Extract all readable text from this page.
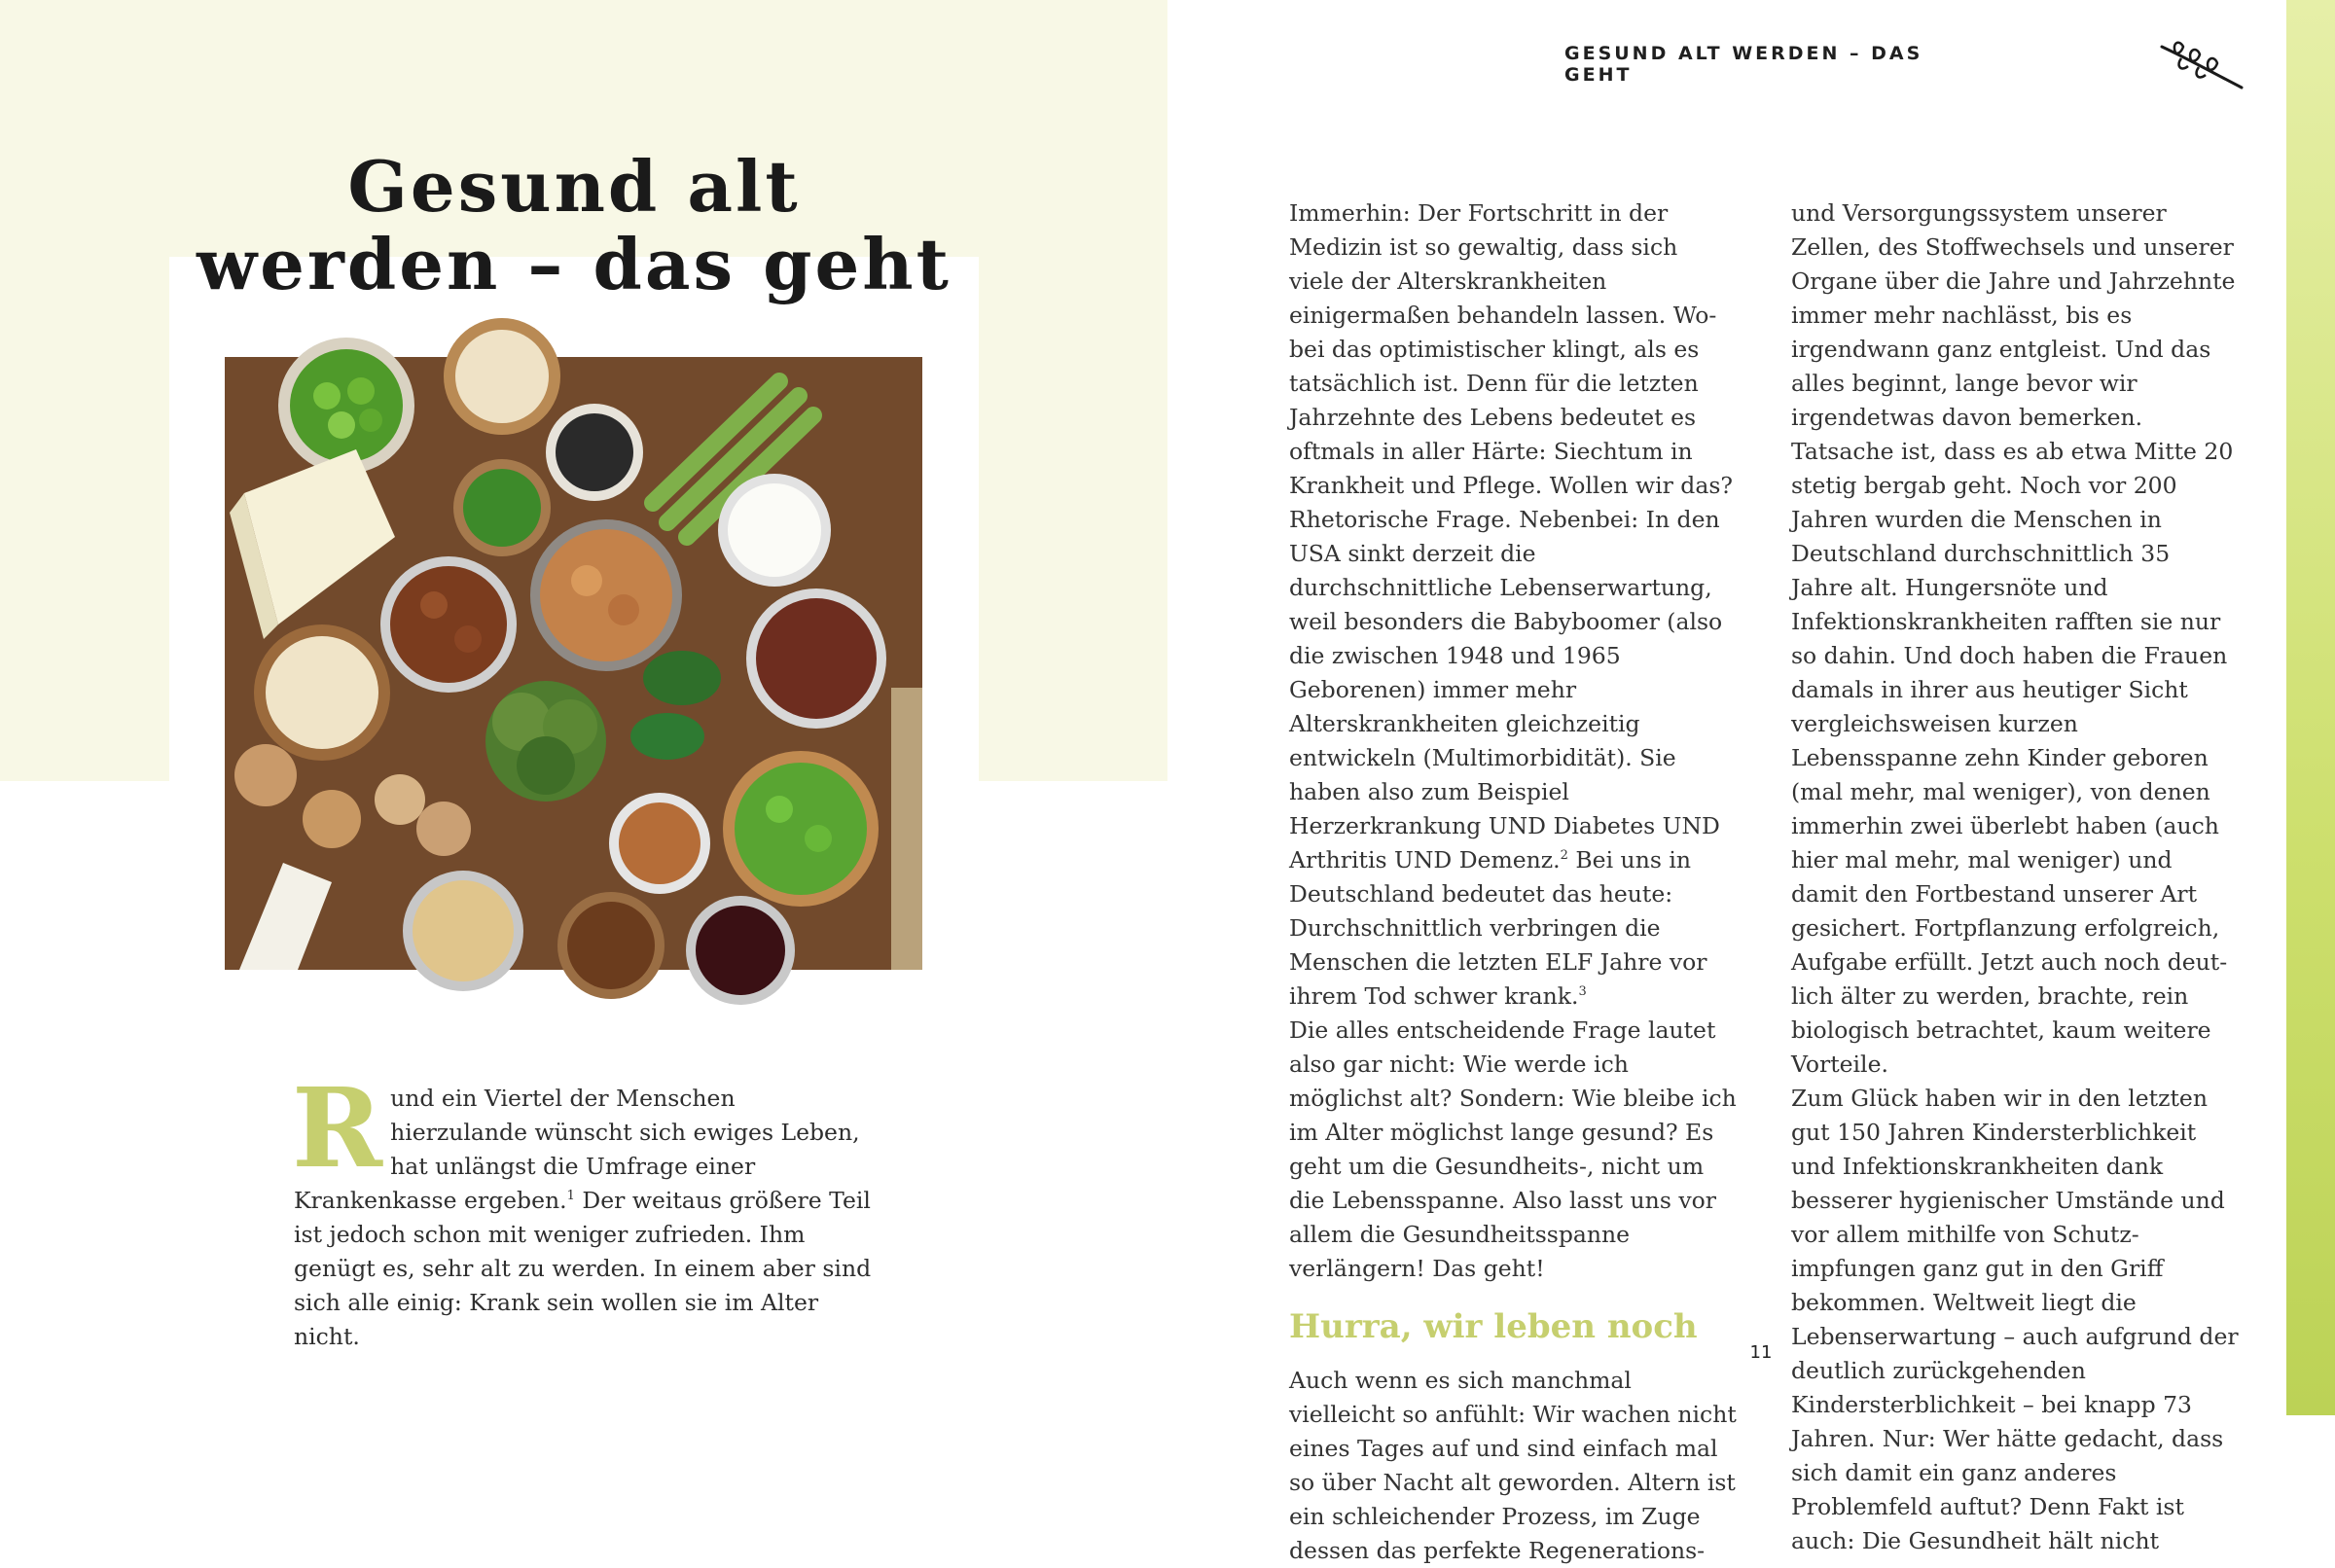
Gesund alt
werden – das geht
Rund ein Viertel der Menschen hierzulande wünscht sich ewiges Leben, hat unlängst die Umfrage einer Krankenkasse ergeben.$^1$ Der weitaus größere Teil ist jedoch schon mit weniger zufrieden. Ihm genügt es, sehr alt zu werden. In einem aber sind sich alle einig: Krank sein wollen sie im Alter nicht.
GESUND ALT WERDEN – DAS GEHT

Immerhin: Der Fortschritt in der Medizin ist so gewaltig, dass sich viele der Alterskrankheiten einigermaßen behandeln lassen. Wobei das optimistischer klingt, als es tatsächlich ist. Denn für die letzten Jahrzehnte des Lebens bedeutet es oftmals in aller Härte: Siechtum in Krankheit und Pflege. Wollen wir das? Rhetorische Frage. Nebenbei: In den USA sinkt derzeit die durchschnittliche Lebenserwartung, weil besonders die Babyboomer (also die zwischen 1948 und 1965 Geborenen) immer mehr Alterskrankheiten gleichzeitig entwickeln (Multimorbidität). Sie haben also zum Beispiel Herzerkrankung UND Diabetes UND Arthritis UND Demenz.$^2$ Bei uns in Deutschland bedeutet das heute: Durchschnittlich verbringen die Menschen die letzten ELF Jahre vor ihrem Tod schwer krank.$^3$

Die alles entscheidende Frage lautet also gar nicht: Wie werde ich möglichst alt? Sondern: Wie bleibe ich im Alter möglichst lange gesund? Es geht um die Gesundheits-, nicht um die Lebensspanne. Also lasst uns vor allem die Gesundheitsspanne verlängern! Das geht!

Hurra, wir leben noch

Auch wenn es sich manchmal vielleicht so anfühlt: Wir wachen nicht eines Tages auf und sind einfach mal so über Nacht alt geworden. Altern ist ein schleichender Prozess, im Zuge dessen das perfekte Regenerations-

und Versorgungssystem unserer Zellen, des Stoffwechsels und unserer Organe über die Jahre und Jahrzehnte immer mehr nachlässt, bis es irgendwann ganz entgleist. Und das alles beginnt, lange bevor wir irgendetwas davon bemerken.

Tatsache ist, dass es ab etwa Mitte 20 stetig bergab geht. Noch vor 200 Jahren wurden die Menschen in Deutschland durchschnittlich 35 Jahre alt. Hungersnöte und Infektionskrankheiten rafften sie nur so dahin. Und doch haben die Frauen damals in ihrer aus heutiger Sicht vergleichsweisen kurzen Lebensspanne zehn Kinder geboren (mal mehr, mal weniger), von denen immerhin zwei überlebt haben (auch hier mal mehr, mal weniger) und damit den Fortbestand unserer Art gesichert. Fortpflanzung erfolgreich, Aufgabe erfüllt. Jetzt auch noch deutlich älter zu werden, brachte, rein biologisch betrachtet, kaum weitere Vorteile.

Zum Glück haben wir in den letzten gut 150 Jahren Kindersterblichkeit und Infektionskrankheiten dank besserer hygienischer Umstände und vor allem mithilfe von Schutzimpfungen ganz gut in den Griff bekommen. Weltweit liegt die Lebenserwartung – auch aufgrund der deutlich zurückgehenden Kindersterblichkeit – bei knapp 73 Jahren. Nur: Wer hätte gedacht, dass sich damit ein ganz anderes Problemfeld auftut? Denn Fakt ist auch: Die Gesundheit hält nicht

11
